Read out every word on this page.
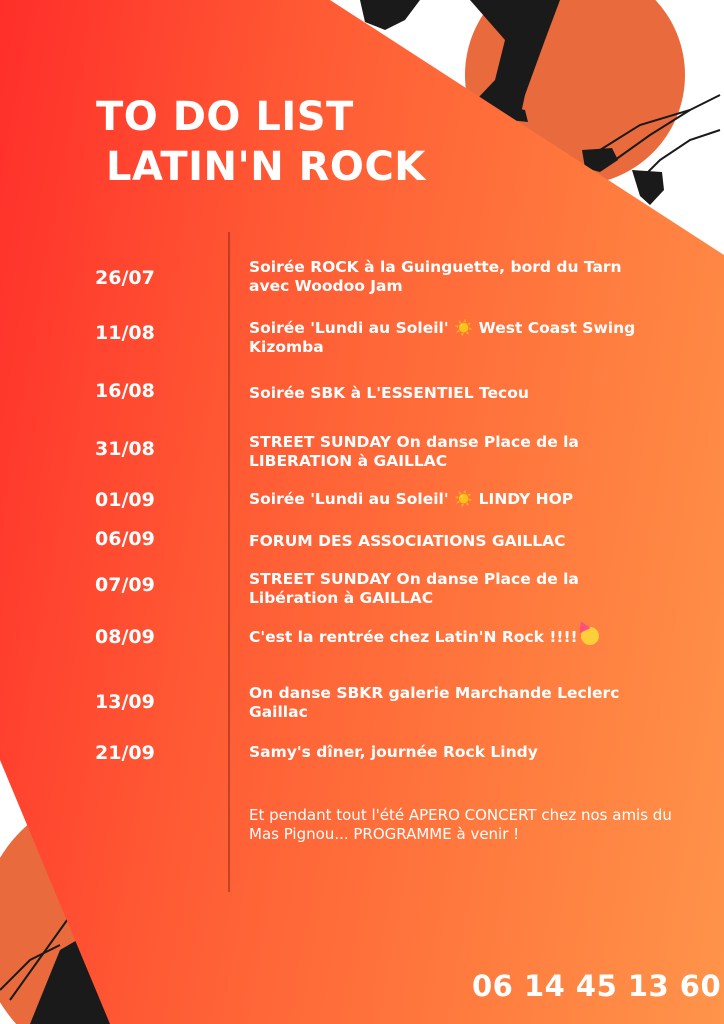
TO DO LIST
LATIN'N ROCK
26/07	Soirée ROCK à la Guinguette, bord du Tarn
avec Woodoo Jam
11/08	Soirée 'Lundi au Soleil' ☀️ West Coast Swing
Kizomba
16/08	Soirée SBK à L'ESSENTIEL Tecou
31/08	STREET SUNDAY On danse Place de la
LIBERATION à GAILLAC
01/09	Soirée 'Lundi au Soleil' ☀️ LINDY HOP
06/09	FORUM DES ASSOCIATIONS GAILLAC
07/09	STREET SUNDAY On danse Place de la
Libération à GAILLAC
08/09	C'est la rentrée chez Latin'N Rock !!!!
13/09	On danse SBKR galerie Marchande Leclerc
Gaillac
21/09	Samy's dîner, journée Rock Lindy
Et pendant tout l'été APERO CONCERT chez nos amis du Mas Pignou... PROGRAMME à venir !
06 14 45 13 60
